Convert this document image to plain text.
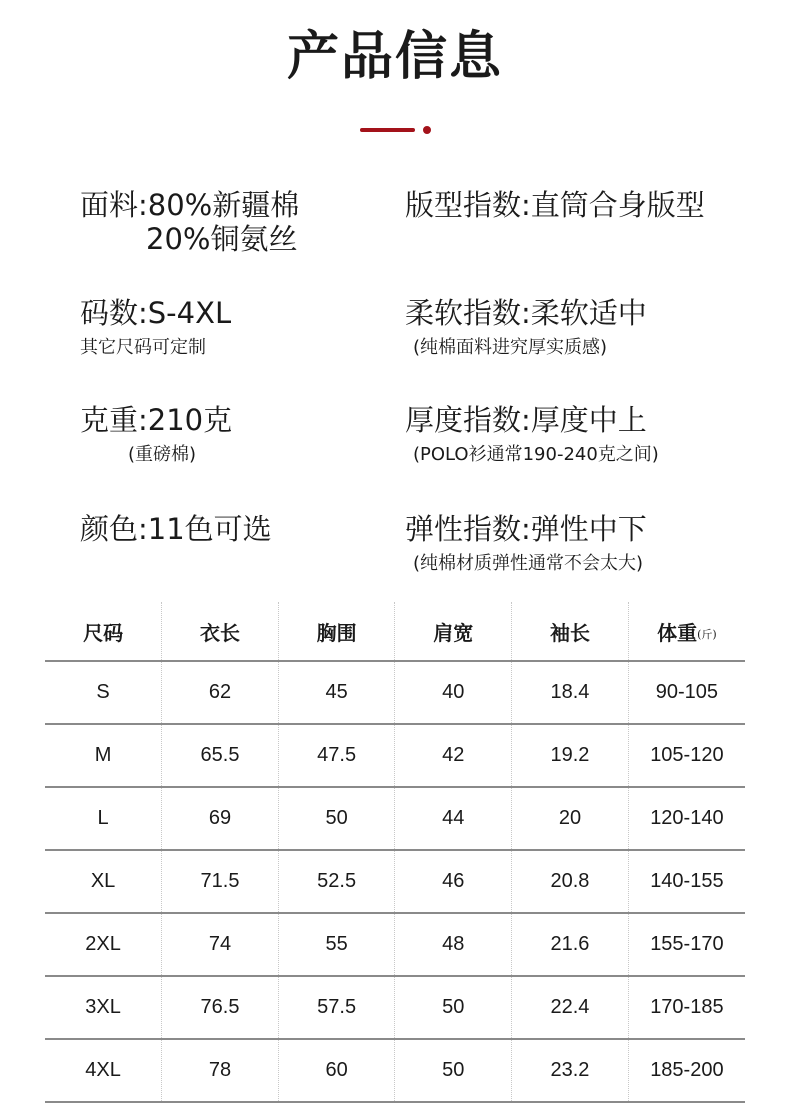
产品信息
面料:80%新疆棉
20%铜氨丝
版型指数:直筒合身版型
码数:S-4XL
其它尺码可定制
柔软指数:柔软适中
(纯棉面料进究厚实质感)
克重:210克
(重磅棉)
厚度指数:厚度中上
(POLO衫通常190-240克之间)
颜色:11色可选	弹性指数:弹性中下
(纯棉材质弹性通常不会太大)
尺码	衣长	胸围	肩宽	袖长	体重(斤)
S	62	45	40	18.4	90-105
M	65.5	47.5	42	19.2	105-120
L	69	50	44	20	120-140
XL	71.5	52.5	46	20.8	140-155
2XL	74	55	48	21.6	155-170
3XL	76.5	57.5	50	22.4	170-185
4XL	78	60	50	23.2	185-200
